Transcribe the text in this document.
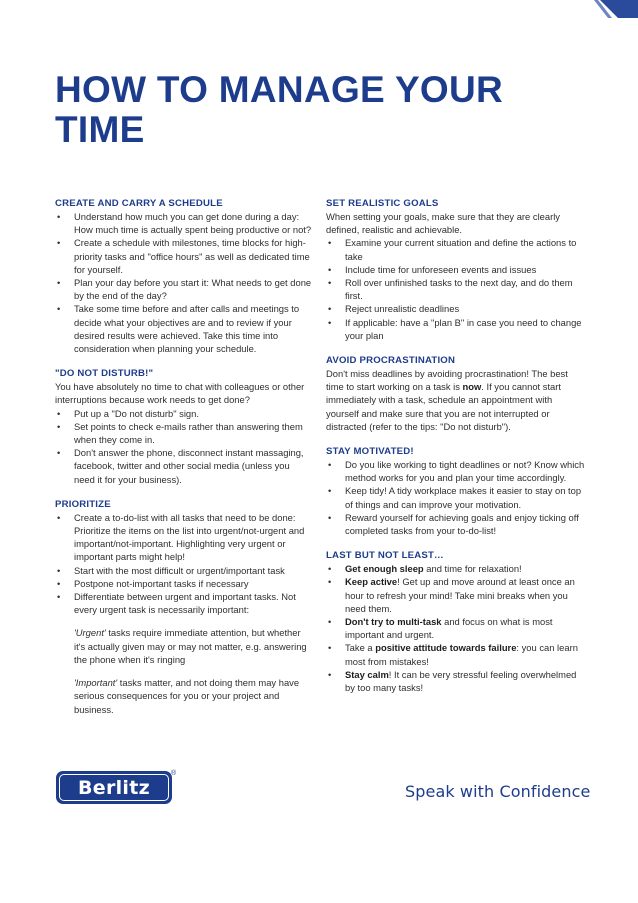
HOW TO MANAGE YOUR TIME

CREATE AND CARRY A SCHEDULE

• Understand how much you can get done during a day: How much time is actually spent being productive or not?
• Create a schedule with milestones, time blocks for high-priority tasks and "office hours" as well as dedicated time for yourself.
• Plan your day before you start it: What needs to get done by the end of the day?
• Take some time before and after calls and meetings to decide what your objectives are and to review if your desired results were achieved. Take this time into consideration when planning your schedule.

"DO NOT DISTURB!"

You have absolutely no time to chat with colleagues or other interruptions because work needs to get done?

• Put up a "Do not disturb" sign.
• Set points to check e-mails rather than answering them when they come in.
• Don't answer the phone, disconnect instant massaging, facebook, twitter and other social media (unless you need it for your business).

PRIORITIZE

• Create a to-do-list with all tasks that need to be done: Prioritize the items on the list into urgent/not-urgent and important/not-important. Highlighting very urgent or important parts might help!
• Start with the most difficult or urgent/important task
• Postpone not-important tasks if necessary
• Differentiate between urgent and important tasks. Not every urgent task is necessarily important:

'Urgent' tasks require immediate attention, but whether it's actually given may or may not matter, e.g. answering the phone when it's ringing

'Important' tasks matter, and not doing them may have serious consequences for you or your project and business.

SET REALISTIC GOALS

When setting your goals, make sure that they are clearly defined, realistic and achievable.

• Examine your current situation and define the actions to take
• Include time for unforeseen events and issues
• Roll over unfinished tasks to the next day, and do them first.
• Reject unrealistic deadlines
• If applicable: have a "plan B" in case you need to change your plan

AVOID PROCRASTINATION

Don't miss deadlines by avoiding procrastination! The best time to start working on a task is now. If you cannot start immediately with a task, schedule an appointment with yourself and make sure that you are not interrupted or distracted (refer to the tips: "Do not disturb").

STAY MOTIVATED!

• Do you like working to tight deadlines or not? Know which method works for you and plan your time accordingly.
• Keep tidy! A tidy workplace makes it easier to stay on top of things and can improve your motivation.
• Reward yourself for achieving goals and enjoy ticking off completed tasks from your to-do-list!

LAST BUT NOT LEAST…

• Get enough sleep and time for relaxation!
• Keep active! Get up and move around at least once an hour to refresh your mind! Take mini breaks when you need them.
• Don't try to multi-task and focus on what is most important and urgent.
• Take a positive attitude towards failure: you can learn most from mistakes!
• Stay calm! It can be very stressful feeling overwhelmed by too many tasks!
Berlitz
®
Speak with Confidence
